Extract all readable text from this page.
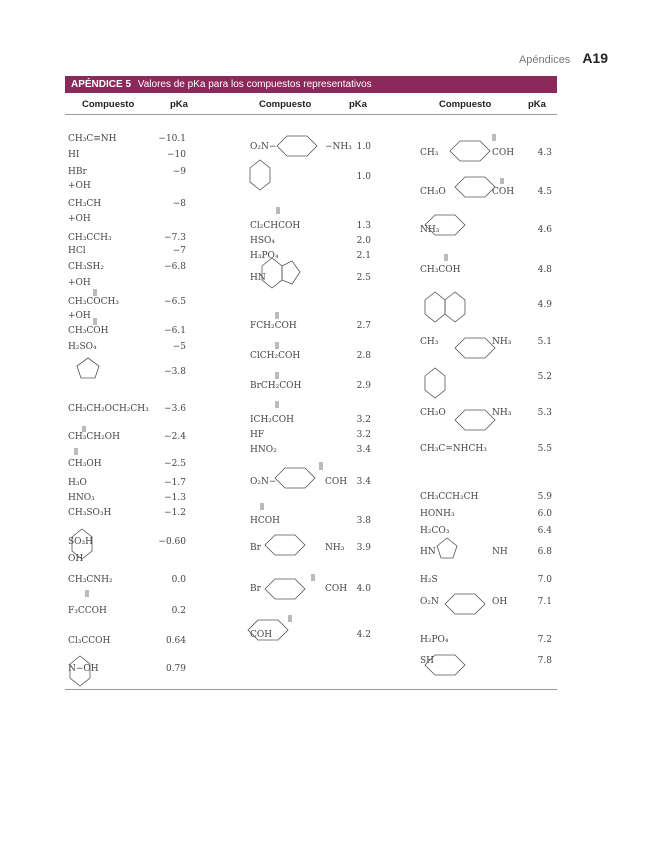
Apéndices A19
APÉNDICE 5 Valores de pKa para los compuestos representativos
Compuesto	pKa	Compuesto	pKa	Compuesto	pKa
CH₃C≡NH	−10.1
HI	−10
HBr	−9
+OH
CH₃CH	−8
+OH
CH₃CCH₃	−7.3
HCl	−7
CH₃SH₂	−6.8
+OH
CH₃COCH₃	−6.5
+OH
CH₃COH	−6.1
H₂SO₄	−5
−3.8
CH₃CH₂OCH₂CH₃	−3.6
CH₃CH₂OH	−2.4
CH₃OH	−2.5
H₃O	−1.7
HNO₃	−1.3
CH₃SO₃H	−1.2
SO₃H	−0.60
OH
CH₃CNH₂	0.0
F₃CCOH	0.2
Cl₃CCOH	0.64
N−OH	0.79
O₂N−	−NH₃ 1.0
1.0
Cl₂CHCOH	1.3
HSO₄	2.0
H₃PO₄	2.1
HN	2.5
FCH₂COH	2.7
ClCH₂COH	2.8
BrCH₂COH	2.9
ICH₂COH	3.2
HF	3.2
HNO₂	3.4
O₂N−	COH	3.4
HCOH	3.8
Br	NH₃	3.9
Br	COH	4.0
COH	4.2
CH₃	COH	4.3
CH₃O	COH	4.5
NH₃	4.6
CH₃COH	4.8
4.9
CH₃	NH₃	5.1
5.2
CH₃O	NH₃	5.3
CH₃C=NHCH₃	5.5
CH₃CCH₂CH	5.9
HONH₃	6.0
H₂CO₃	6.4
HN	NH	6.8
H₂S	7.0
O₂N	OH	7.1
H₂PO₄	7.2
SH	7.8
